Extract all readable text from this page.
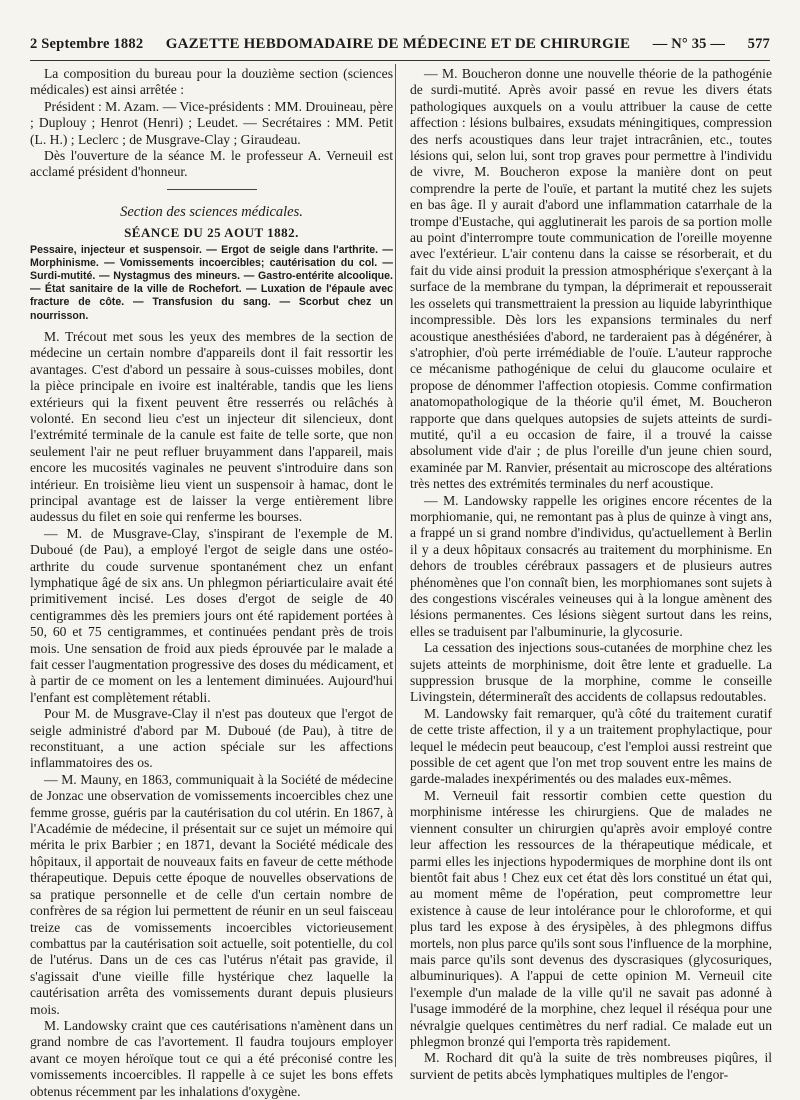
2 Septembre 1882 GAZETTE HEBDOMADAIRE DE MÉDECINE ET DE CHIRURGIE — N° 35 — 577

La composition du bureau pour la douzième section (sciences médicales) est ainsi arrêtée :

Président : M. Azam. — Vice-présidents : MM. Drouineau, père ; Duplouy ; Henrot (Henri) ; Leudet. — Secrétaires : MM. Petit (L. H.) ; Leclerc ; de Musgrave-Clay ; Giraudeau.

Dès l'ouverture de la séance M. le professeur A. Verneuil est acclamé président d'honneur.

Section des sciences médicales.

SÉANCE DU 25 AOUT 1882.

Pessaire, injecteur et suspensoir. — Ergot de seigle dans l'arthrite. — Morphinisme. — Vomissements incoercibles; cautérisation du col. — Surdi-mutité. — Nystagmus des mineurs. — Gastro-entérite alcoolique. — État sanitaire de la ville de Rochefort. — Luxation de l'épaule avec fracture de côte. — Transfusion du sang. — Scorbut chez un nourrisson.

M. Trécout met sous les yeux des membres de la section de médecine un certain nombre d'appareils dont il fait ressortir les avantages. C'est d'abord un pessaire à sous-cuisses mobiles, dont la pièce principale en ivoire est inaltérable, tandis que les liens extérieurs qui la fixent peuvent être resserrés ou relâchés à volonté. En second lieu c'est un injecteur dit silencieux, dont l'extrémité terminale de la canule est faite de telle sorte, que non seulement l'air ne peut refluer bruyamment dans l'appareil, mais encore les mucosités vaginales ne peuvent s'introduire dans son intérieur. En troisième lieu vient un suspensoir à hamac, dont le principal avantage est de laisser la verge entièrement libre audessus du filet en soie qui renferme les bourses.

— M. de Musgrave-Clay, s'inspirant de l'exemple de M. Duboué (de Pau), a employé l'ergot de seigle dans une ostéo-arthrite du coude survenue spontanément chez un enfant lymphatique âgé de six ans. Un phlegmon périarticulaire avait été primitivement incisé. Les doses d'ergot de seigle de 40 centigrammes dès les premiers jours ont été rapidement portées à 50, 60 et 75 centigrammes, et continuées pendant près de trois mois. Une sensation de froid aux pieds éprouvée par le malade a fait cesser l'augmentation progressive des doses du médicament, et à partir de ce moment on les a lentement diminuées. Aujourd'hui l'enfant est complètement rétabli.

Pour M. de Musgrave-Clay il n'est pas douteux que l'ergot de seigle administré d'abord par M. Duboué (de Pau), à titre de reconstituant, a une action spéciale sur les affections inflammatoires des os.

— M. Mauny, en 1863, communiquait à la Société de médecine de Jonzac une observation de vomissements incoercibles chez une femme grosse, guéris par la cautérisation du col utérin. En 1867, à l'Académie de médecine, il présentait sur ce sujet un mémoire qui mérita le prix Barbier ; en 1871, devant la Société médicale des hôpitaux, il apportait de nouveaux faits en faveur de cette méthode thérapeutique. Depuis cette époque de nouvelles observations de sa pratique personnelle et de celle d'un certain nombre de confrères de sa région lui permettent de réunir en un seul faisceau treize cas de vomissements incoercibles victorieusement combattus par la cautérisation soit actuelle, soit potentielle, du col de l'utérus. Dans un de ces cas l'utérus n'était pas gravide, il s'agissait d'une vieille fille hystérique chez laquelle la cautérisation arrêta des vomissements durant depuis plusieurs mois.

M. Landowsky craint que ces cautérisations n'amènent dans un grand nombre de cas l'avortement. Il faudra toujours employer avant ce moyen héroïque tout ce qui a été préconisé contre les vomissements incoercibles. Il rappelle à ce sujet les bons effets obtenus récemment par les inhalations d'oxygène.

— M. Boucheron donne une nouvelle théorie de la pathogénie de surdi-mutité. Après avoir passé en revue les divers états pathologiques auxquels on a voulu attribuer la cause de cette affection : lésions bulbaires, exsudats méningitiques, compression des nerfs acoustiques dans leur trajet intracrânien, etc., toutes lésions qui, selon lui, sont trop graves pour permettre à l'individu de vivre, M. Boucheron expose la manière dont on peut comprendre la perte de l'ouïe, et partant la mutité chez les sujets en bas âge. Il y aurait d'abord une inflammation catarrhale de la trompe d'Eustache, qui agglutinerait les parois de sa portion molle au point d'interrompre toute communication de l'oreille moyenne avec l'extérieur. L'air contenu dans la caisse se résorberait, et du fait du vide ainsi produit la pression atmosphérique s'exerçant à la surface de la membrane du tympan, la déprimerait et repousserait les osselets qui transmettraient la pression au liquide labyrinthique incompressible. Dès lors les expansions terminales du nerf acoustique anesthésiées d'abord, ne tarderaient pas à dégénérer, à s'atrophier, d'où perte irrémédiable de l'ouïe. L'auteur rapproche ce mécanisme pathogénique de celui du glaucome oculaire et propose de dénommer l'affection otopiesis. Comme confirmation anatomopathologique de la théorie qu'il émet, M. Boucheron rapporte que dans quelques autopsies de sujets atteints de surdi-mutité, qu'il a eu occasion de faire, il a trouvé la caisse absolument vide d'air ; de plus l'oreille d'un jeune chien sourd, examinée par M. Ranvier, présentait au microscope des altérations très nettes des extrémités terminales du nerf acoustique.

— M. Landowsky rappelle les origines encore récentes de la morphiomanie, qui, ne remontant pas à plus de quinze à vingt ans, a frappé un si grand nombre d'individus, qu'actuellement à Berlin il y a deux hôpitaux consacrés au traitement du morphinisme. En dehors de troubles cérébraux passagers et de plusieurs autres phénomènes que l'on connaît bien, les morphiomanes sont sujets à des congestions viscérales veineuses qui à la longue amènent des lésions permanentes. Ces lésions siègent surtout dans les reins, elles se traduisent par l'albuminurie, la glycosurie.

La cessation des injections sous-cutanées de morphine chez les sujets atteints de morphinisme, doit être lente et graduelle. La suppression brusque de la morphine, comme le conseille Livingstein, détermineraît des accidents de collapsus redoutables.

M. Landowsky fait remarquer, qu'à côté du traitement curatif de cette triste affection, il y a un traitement prophylactique, pour lequel le médecin peut beaucoup, c'est l'emploi aussi restreint que possible de cet agent que l'on met trop souvent entre les mains de garde-malades inexpérimentés ou des malades eux-mêmes.

M. Verneuil fait ressortir combien cette question du morphinisme intéresse les chirurgiens. Que de malades ne viennent consulter un chirurgien qu'après avoir employé contre leur affection les ressources de la thérapeutique médicale, et parmi elles les injections hypodermiques de morphine dont ils ont bientôt fait abus ! Chez eux cet état dès lors constitué un état qui, au moment même de l'opération, peut compromettre leur existence à cause de leur intolérance pour le chloroforme, et qui plus tard les expose à des érysipèles, à des phlegmons diffus mortels, non plus parce qu'ils sont sous l'influence de la morphine, mais parce qu'ils sont devenus des dyscrasiques (glycosuriques, albuminuriques). A l'appui de cette opinion M. Verneuil cite l'exemple d'un malade de la ville qu'il ne savait pas adonné à l'usage immodéré de la morphine, chez lequel il réséqua pour une névralgie quelques centimètres du nerf radial. Ce malade eut un phlegmon bronzé qui l'emporta très rapidement.

M. Rochard dit qu'à la suite de très nombreuses piqûres, il survient de petits abcès lymphatiques multiples de l'engor-
